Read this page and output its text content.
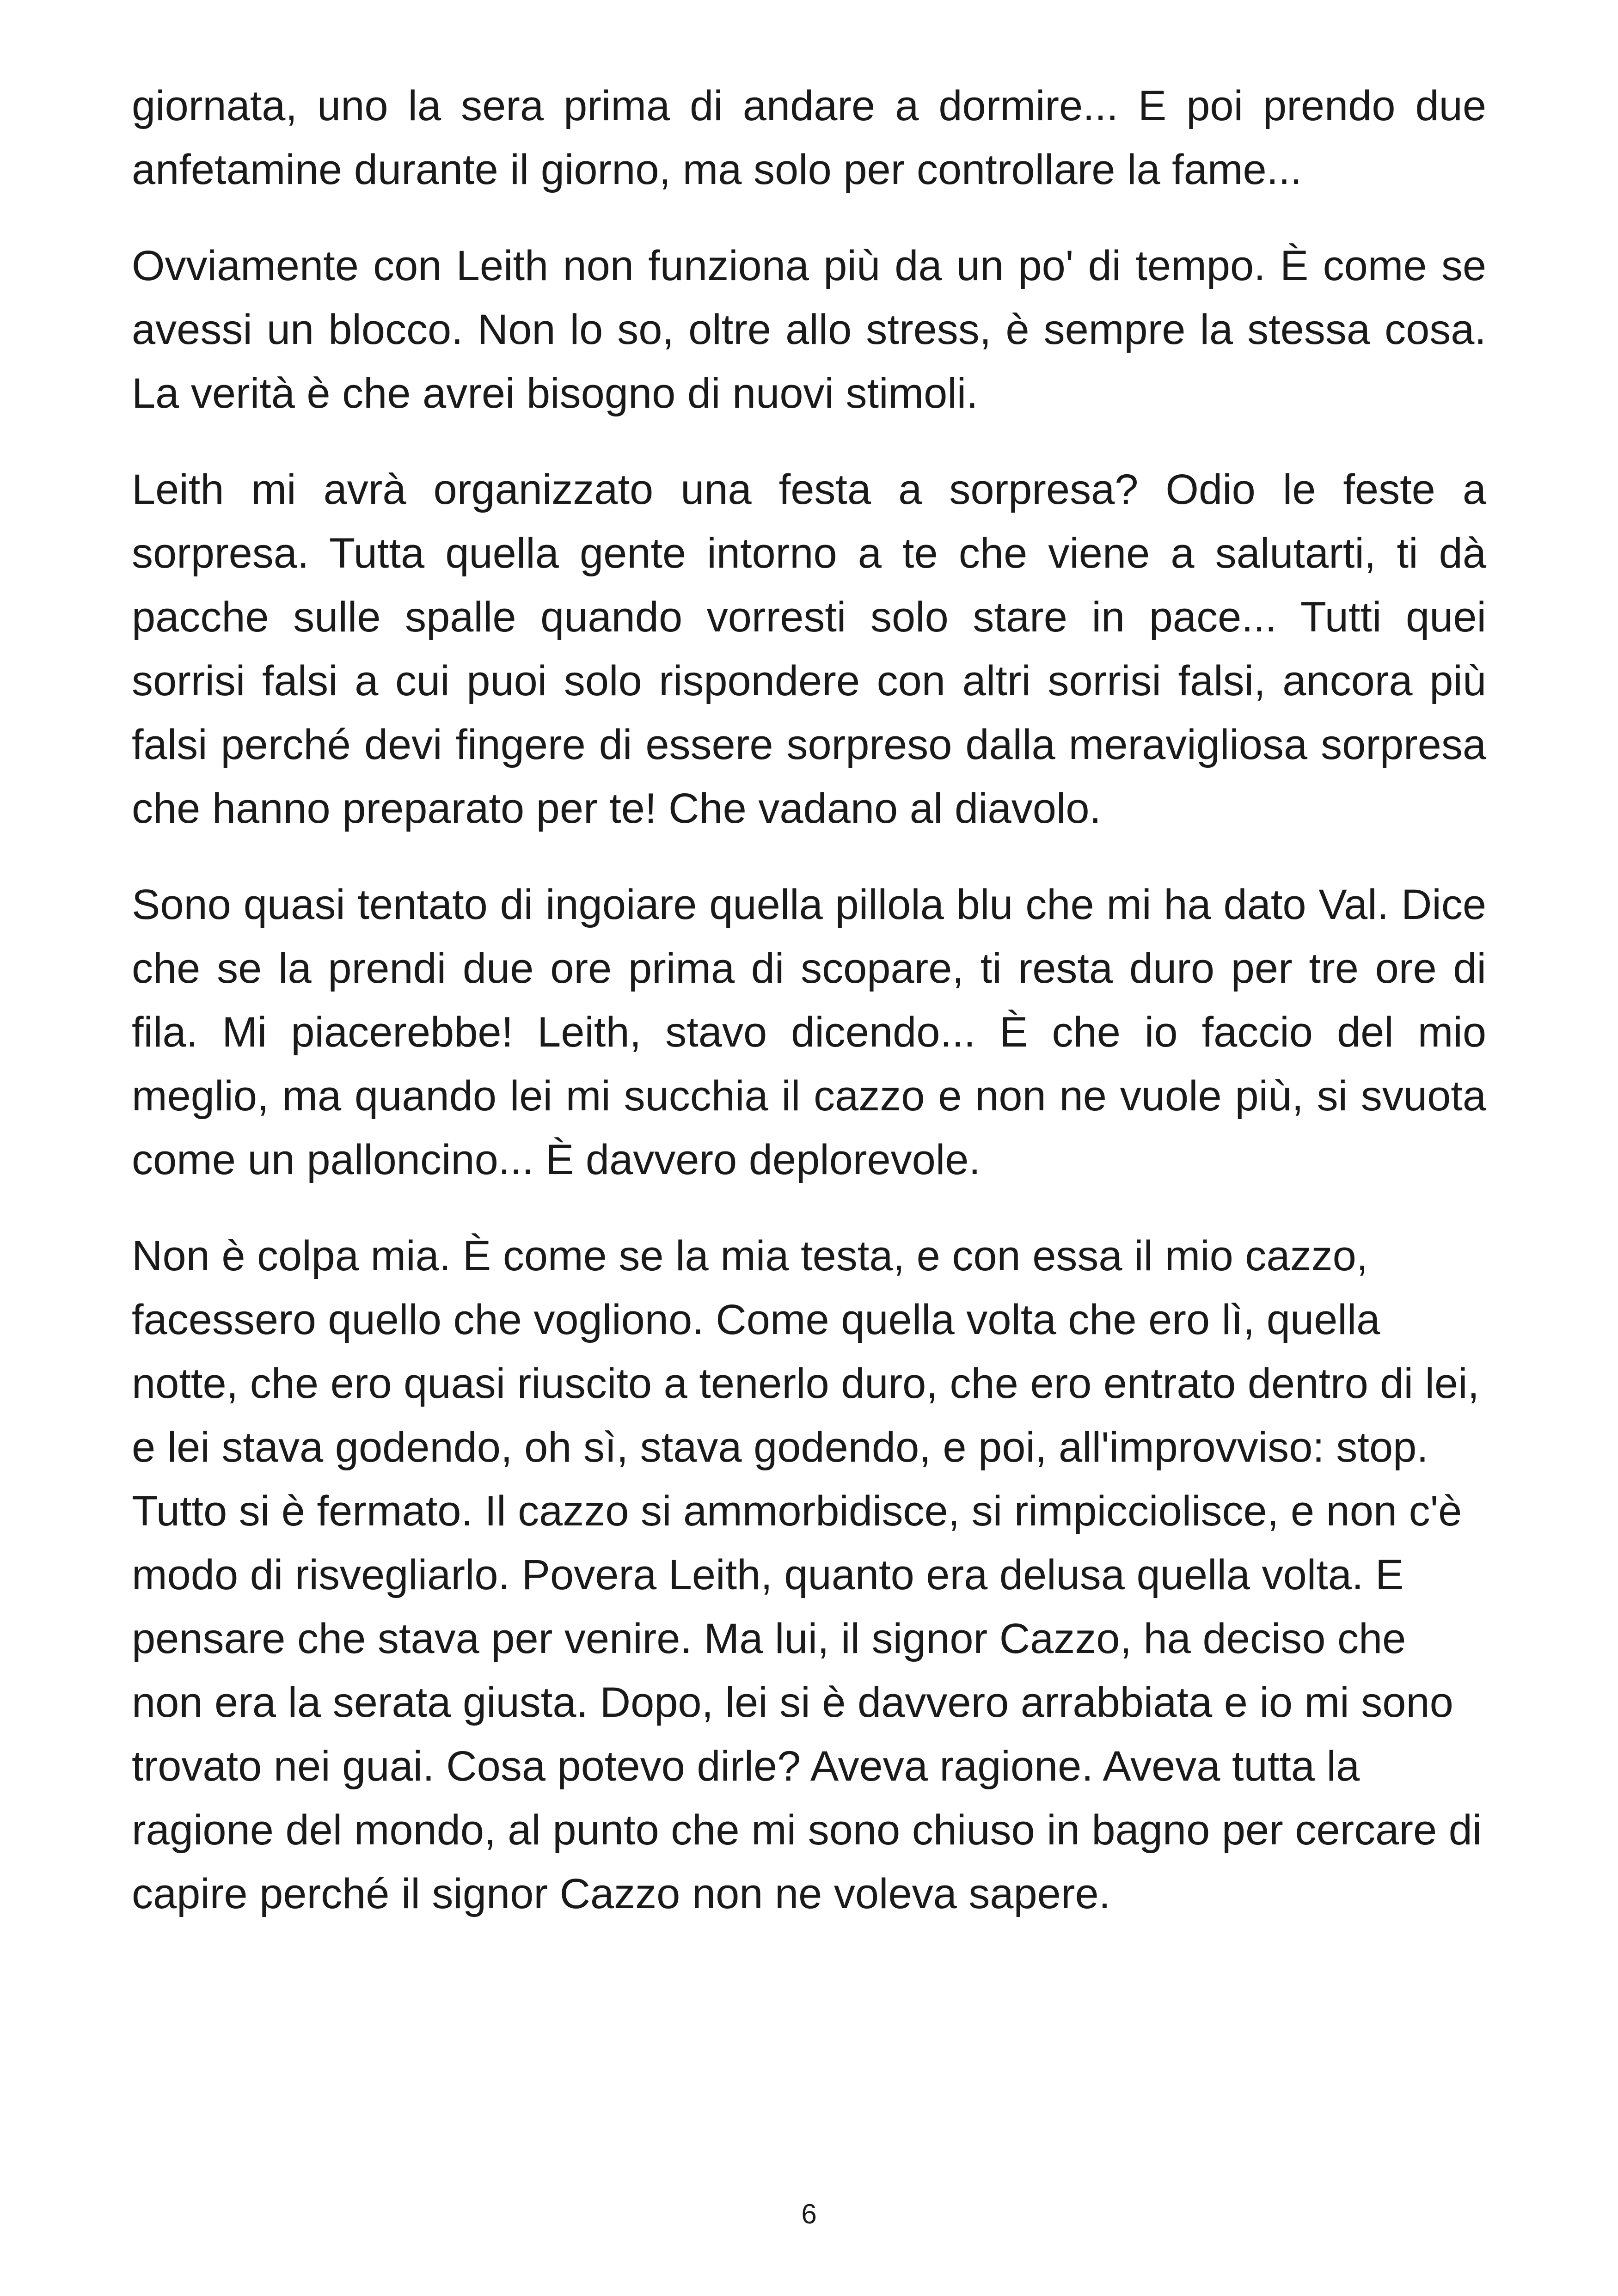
giornata, uno la sera prima di andare a dormire... E poi prendo due anfetamine durante il giorno, ma solo per controllare la fame...

Ovviamente con Leith non funziona più da un po' di tempo. È come se avessi un blocco. Non lo so, oltre allo stress, è sempre la stessa cosa. La verità è che avrei bisogno di nuovi stimoli.

Leith mi avrà organizzato una festa a sorpresa? Odio le feste a sorpresa. Tutta quella gente intorno a te che viene a salutarti, ti dà pacche sulle spalle quando vorresti solo stare in pace... Tutti quei sorrisi falsi a cui puoi solo rispondere con altri sorrisi falsi, ancora più falsi perché devi fingere di essere sorpreso dalla meravigliosa sorpresa che hanno preparato per te! Che vadano al diavolo.

Sono quasi tentato di ingoiare quella pillola blu che mi ha dato Val. Dice che se la prendi due ore prima di scopare, ti resta duro per tre ore di fila. Mi piacerebbe! Leith, stavo dicendo... È che io faccio del mio meglio, ma quando lei mi succhia il cazzo e non ne vuole più, si svuota come un palloncino... È davvero deplorevole.

Non è colpa mia. È come se la mia testa, e con essa il mio cazzo, facessero quello che vogliono. Come quella volta che ero lì, quella notte, che ero quasi riuscito a tenerlo duro, che ero entrato dentro di lei, e lei stava godendo, oh sì, stava godendo, e poi, all'improvviso: stop. Tutto si è fermato. Il cazzo si ammorbidisce, si rimpicciolisce, e non c'è modo di risvegliarlo. Povera Leith, quanto era delusa quella volta. E pensare che stava per venire. Ma lui, il signor Cazzo, ha deciso che non era la serata giusta. Dopo, lei si è davvero arrabbiata e io mi sono trovato nei guai. Cosa potevo dirle? Aveva ragione. Aveva tutta la ragione del mondo, al punto che mi sono chiuso in bagno per cercare di capire perché il signor Cazzo non ne voleva sapere.

6
